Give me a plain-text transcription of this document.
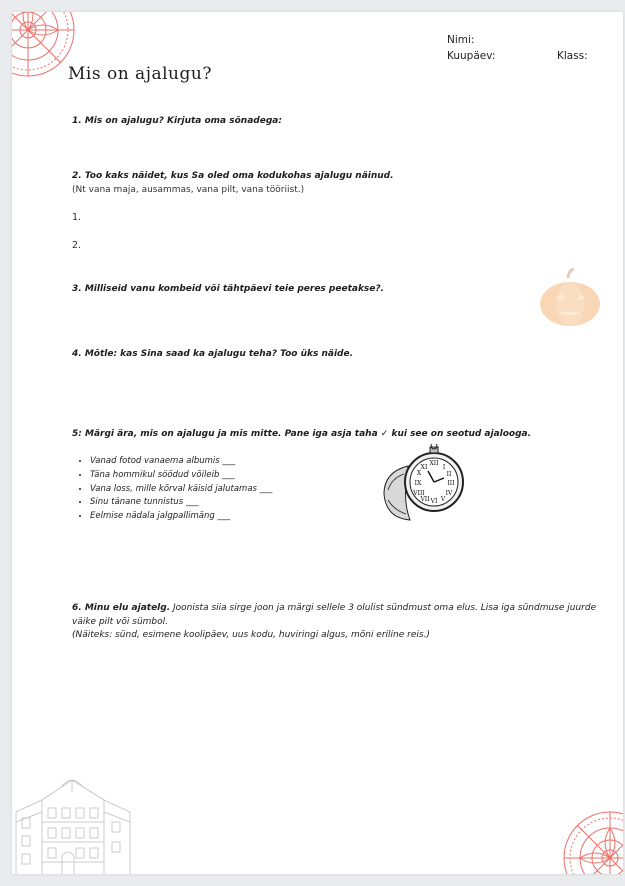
Nimi:
Kuupäev:	Klass:
Mis on ajalugu?
1. Mis on ajalugu? Kirjuta oma sõnadega:
2. Too kaks näidet, kus Sa oled oma kodukohas ajalugu näinud.
(Nt vana maja, ausammas, vana pilt, vana tööriist.)
1.
2.
3. Milliseid vanu kombeid või tähtpäevi teie peres peetakse?.
4. Mõtle: kas Sina saad ka ajalugu teha? Too üks näide.
5: Märgi ära, mis on ajalugu ja mis mitte. Pane iga asja taha ✓ kui see on seotud ajalooga.
• Vanad fotod vanaema albumis ___
• Täna hommikul söödud võileib ___
• Vana loss, mille kõrval käisid jalutamas ___
• Sinu tänane tunnistus ___
• Eelmise nädala jalgpallimäng ___
XII
III
VI
IX
I
II
IV
V
VII
VIII
X
XI
6. Minu elu ajatelg. Joonista siia sirge joon ja märgi sellele 3 olulist sündmust oma elus. Lisa iga sündmuse juurde väike pilt või sümbol.
(Näiteks: sünd, esimene koolipäev, uus kodu, huviringi algus, mõni eriline reis.)
